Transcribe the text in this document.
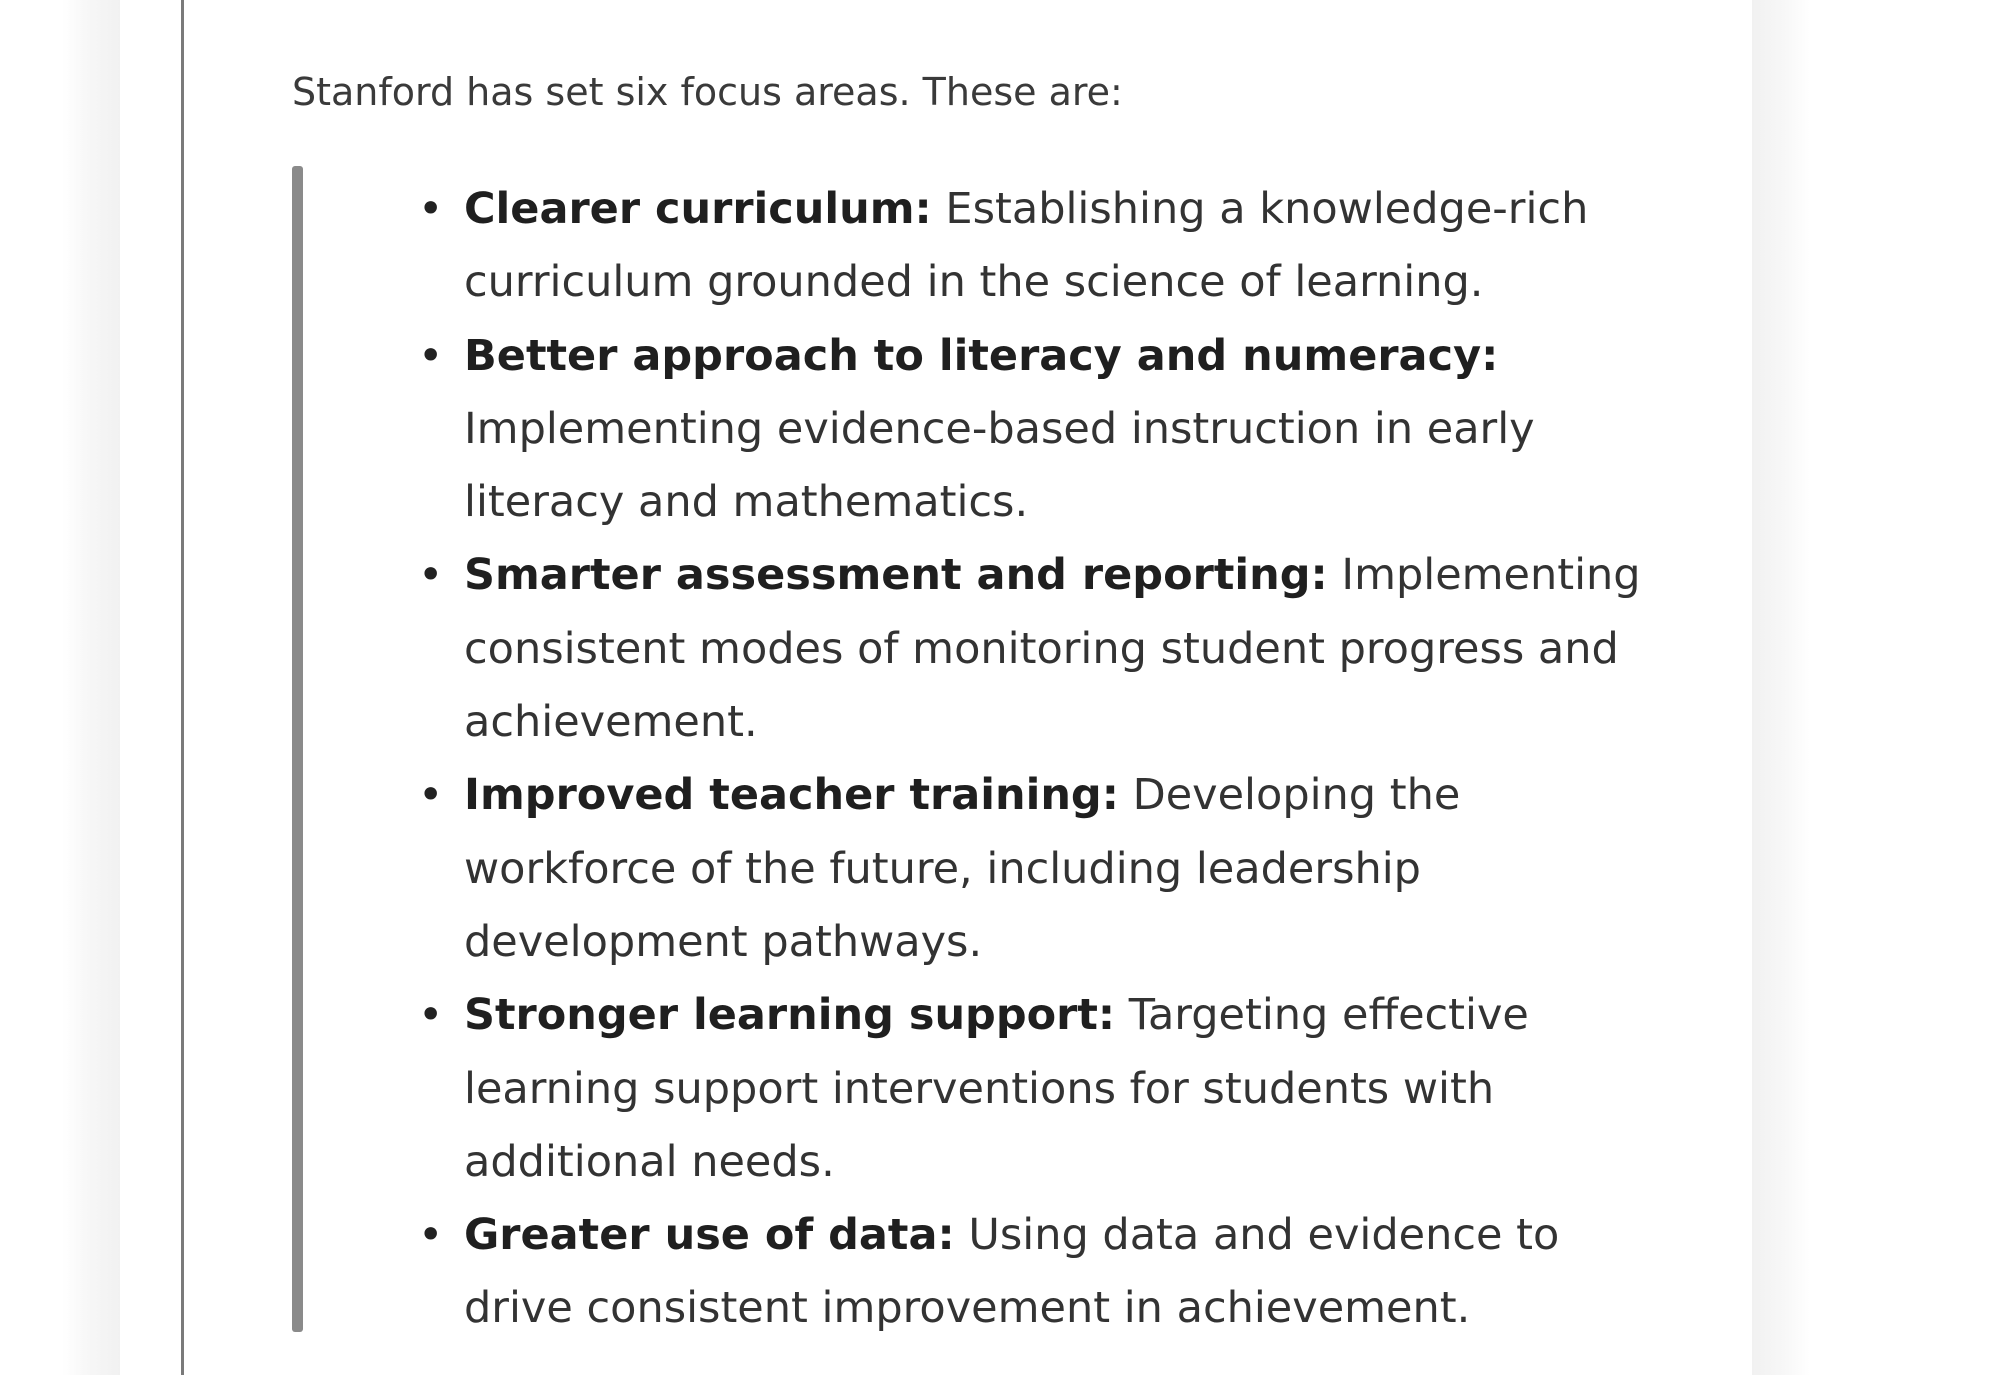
Stanford has set six focus areas. These are:

• Clearer curriculum: Establishing a knowledge-rich curriculum grounded in the science of learning.
• Better approach to literacy and numeracy: Implementing evidence-based instruction in early literacy and mathematics.
• Smarter assessment and reporting: Implementing consistent modes of monitoring student progress and achievement.
• Improved teacher training: Developing the workforce of the future, including leadership development pathways.
• Stronger learning support: Targeting effective learning support interventions for students with additional needs.
• Greater use of data: Using data and evidence to drive consistent improvement in achievement.
